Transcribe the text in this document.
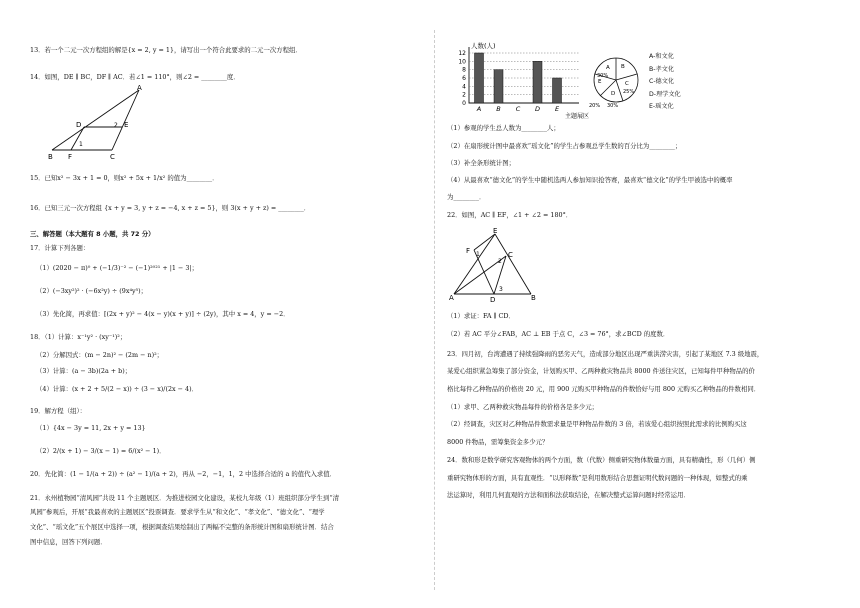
13．若一个二元一次方程组的解是{x = 2, y = 1}，请写出一个符合此要求的二元一次方程组．
14．如图，DE ∥ BC，DF ∥ AC．若∠1 = 110°，则∠2 = ________度．
A
D	2 E
1
B F	C
15．已知x² − 3x + 1 = 0，则x² + 5x + 1/x² 的值为________．
16．已知三元一次方程组 {x + y = 3, y + z = −4, x + z = 5}，则 3(x + y + z) = ________．
三、解答题（本大题有 8 小题，共 72 分）
17．计算下列各题：
（1）(2020 − π)⁰ + (−1/3)⁻² − (−1)²⁰²¹ + |1 − 3|；
（2）(−3xy²)² · (−6x²y) ÷ (9x⁴y⁵)；
（3）先化简，再求值：[(2x + y)² − 4(x − y)(x + y)] ÷ (2y)，其中 x = 4，y = −2．
18．（1）计算：x⁻¹y² · (xy⁻¹)²；
（2）分解因式：(m − 2n)² − (2m − n)²；
（3）计算：(a − 3b)(2a + b)；
（4）计算：(x + 2 + 5/(2 − x)) ÷ (3 − x)/(2x − 4)．
19．解方程（组）：
（1）{4x − 3y = 11, 2x + y = 13}
（2）2/(x + 1) − 3/(x − 1) = 6/(x² − 1)．
20．先化简：(1 − 1/(a + 2)) ÷ (a² − 1)/(a + 2)，再从 −2，−1，1，2 中选择合适的 a 的值代入求值．
21．永州植物园“清风园”共设 11 个主题展区．为推进校园文化建设，某校九年级（1）班组织部分学生到“清
风园”参观后，开展“我最喜欢的主题展区”投票调查．要求学生从“和文化”、“孝文化”、“德文化”、“理学
文化”、“瑶文化”五个展区中选择一项，根据调查结果绘制出了两幅不完整的条形统计图和扇形统计图．结合
图中信息，回答下列问题．
人数(人)
主题展区
12
10
8
6
4
2
0
A B C D E
A B
C
D
E
30%
25%
20% 30%
A-和文化
B-孝文化
C-德文化
D-理学文化
E-瑶文化
（1）参观的学生总人数为________人；
（2）在扇形统计图中最喜欢“瑶文化”的学生占参观总学生数的百分比为________；
（3）补全条形统计图；
（4）从最喜欢“德文化”的学生中随机选两人参加知识抢答赛，最喜欢“德文化”的学生甲被选中的概率
为________．
22．如图，AC ∥ EF，∠1 + ∠2 = 180°．
E
F 1	C
2
3
A	D	B
（1）求证：FA ∥ CD．
（2）若 AC 平分∠FAB，AC ⊥ EB 于点 C，∠3 = 76°，求∠BCD 的度数．
23．四月初，台湾遭遇了持续强降雨的恶劣天气，造成部分地区出现严重洪涝灾害，引起了某地区 7.3 级地震，
某爱心组织紧急筹集了部分资金，计划购买甲、乙两种救灾物品共 8000 件送往灾区，已知每件甲种物品的价
格比每件乙种物品的价格贵 20 元，用 900 元购买甲种物品的件数恰好与用 800 元购买乙种物品的件数相同．
（1）求甲、乙两种救灾物品每件的价格各是多少元；
（2）经调查，灾区对乙种物品件数需求量是甲种物品件数的 3 倍，若该爱心组织按照此需求的比例购买这
8000 件物品，需筹集资金多少元？
24．数和形是数学研究客观物体的两个方面，数（代数）侧重研究物体数量方面，具有精确性，形（几何）侧
重研究物体形的方面，具有直观性．“以形释数”是利用数形结合思想证明代数问题的一种体现，如整式的乘
法运算时，利用几何直观的方法和面积法获取结论，在解决整式运算问题时经常运用．
